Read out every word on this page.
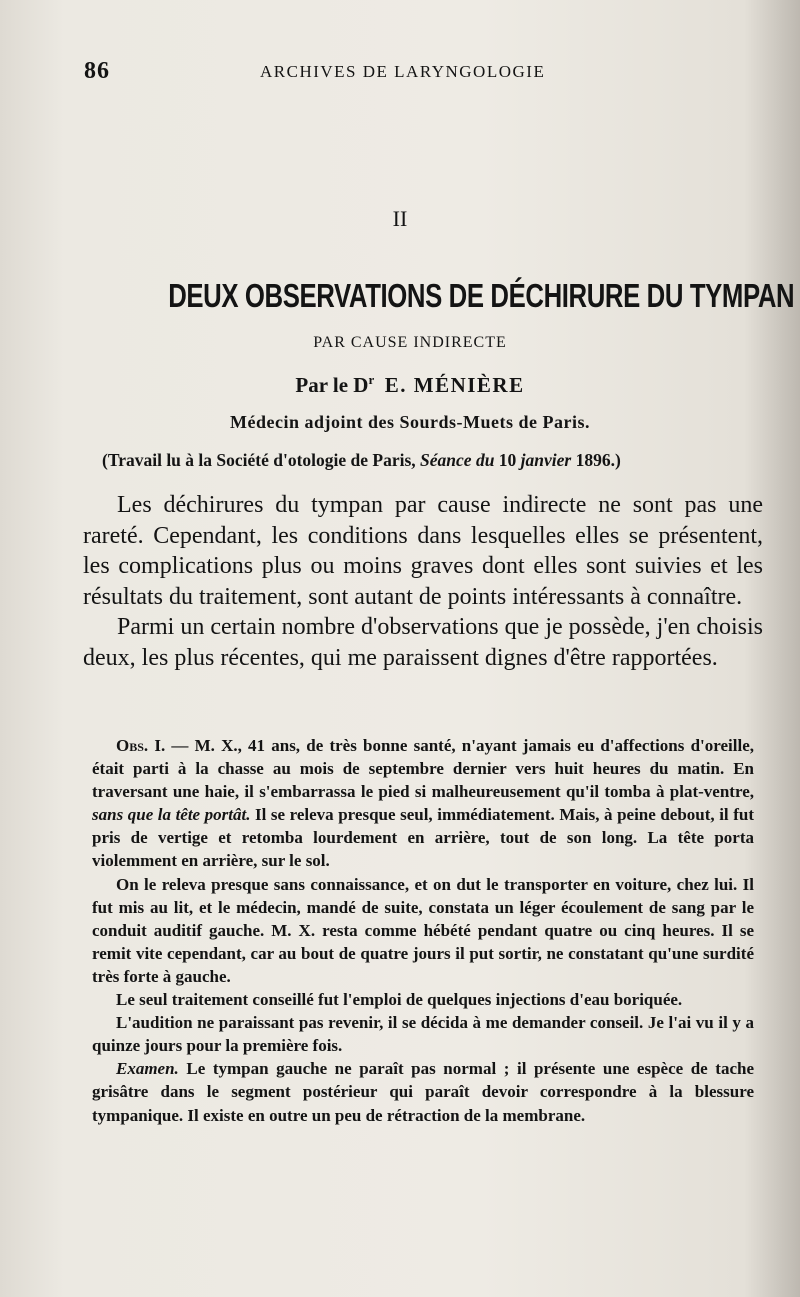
86	ARCHIVES DE LARYNGOLOGIE
II
DEUX OBSERVATIONS DE DÉCHIRURE DU TYMPAN
PAR CAUSE INDIRECTE
Par le $D^r$ E. MÉNIÈRE
Médecin adjoint des Sourds-Muets de Paris.
(Travail lu à la Société d'otologie de Paris, Séance du 10 janvier 1896.)

Les déchirures du tympan par cause indirecte ne sont pas une rareté. Cependant, les conditions dans lesquelles elles se présentent, les complications plus ou moins graves dont elles sont suivies et les résultats du traitement, sont autant de points intéressants à connaître.

Parmi un certain nombre d'observations que je possède, j'en choisis deux, les plus récentes, qui me paraissent dignes d'être rapportées.

Obs. I. — M. X., 41 ans, de très bonne santé, n'ayant jamais eu d'affections d'oreille, était parti à la chasse au mois de septembre dernier vers huit heures du matin. En traversant une haie, il s'embarrassa le pied si malheureusement qu'il tomba à plat-ventre, sans que la tête portât. Il se releva presque seul, immédiatement. Mais, à peine debout, il fut pris de vertige et retomba lourdement en arrière, tout de son long. La tête porta violemment en arrière, sur le sol.

On le releva presque sans connaissance, et on dut le transporter en voiture, chez lui. Il fut mis au lit, et le médecin, mandé de suite, constata un léger écoulement de sang par le conduit auditif gauche. M. X. resta comme hébété pendant quatre ou cinq heures. Il se remit vite cependant, car au bout de quatre jours il put sortir, ne constatant qu'une surdité très forte à gauche.

Le seul traitement conseillé fut l'emploi de quelques injections d'eau boriquée.

L'audition ne paraissant pas revenir, il se décida à me demander conseil. Je l'ai vu il y a quinze jours pour la première fois.

Examen. Le tympan gauche ne paraît pas normal ; il présente une espèce de tache grisâtre dans le segment postérieur qui paraît devoir correspondre à la blessure tympanique. Il existe en outre un peu de rétraction de la membrane.
